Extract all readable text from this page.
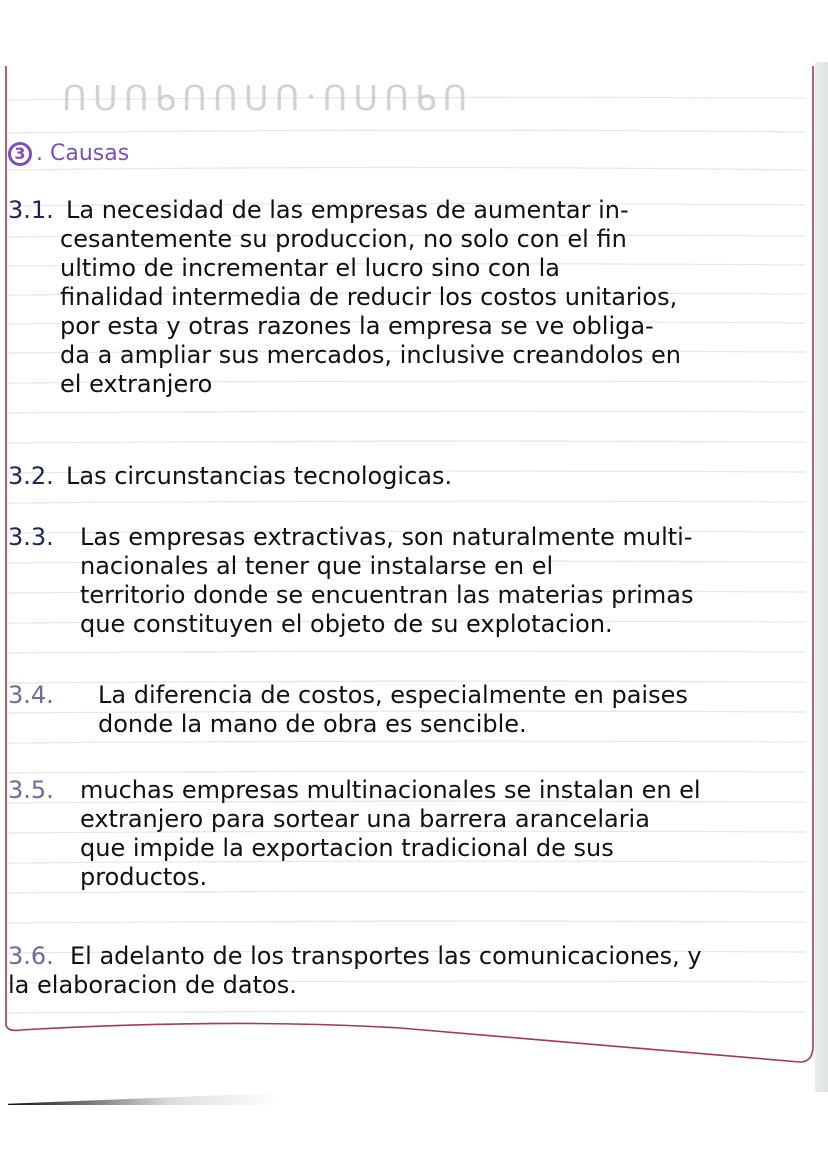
ᑌᑎᑌᑭᑌᑌᑎᑌ·ᑌᑎᑌᑭᑌ
3 . Causas
3.1. La necesidad de las empresas de aumentar in-
cesantemente su produccion, no solo con el fin
ultimo de incrementar el lucro sino con la
finalidad intermedia de reducir los costos unitarios,
por esta y otras razones la empresa se ve obliga-
da a ampliar sus mercados, inclusive creandolos en
el extranjero
3.2. Las circunstancias tecnologicas.
3.3.	Las empresas extractivas, son naturalmente multi-
nacionales al tener que instalarse en el
territorio donde se encuentran las materias primas
que constituyen el objeto de su explotacion.
3.4.	La diferencia de costos, especialmente en paises
donde la mano de obra es sencible.
3.5.	muchas empresas multinacionales se instalan en el
extranjero para sortear una barrera arancelaria
que impide la exportacion tradicional de sus
productos.
3.6. El adelanto de los transportes las comunicaciones, y
la elaboracion de datos.
